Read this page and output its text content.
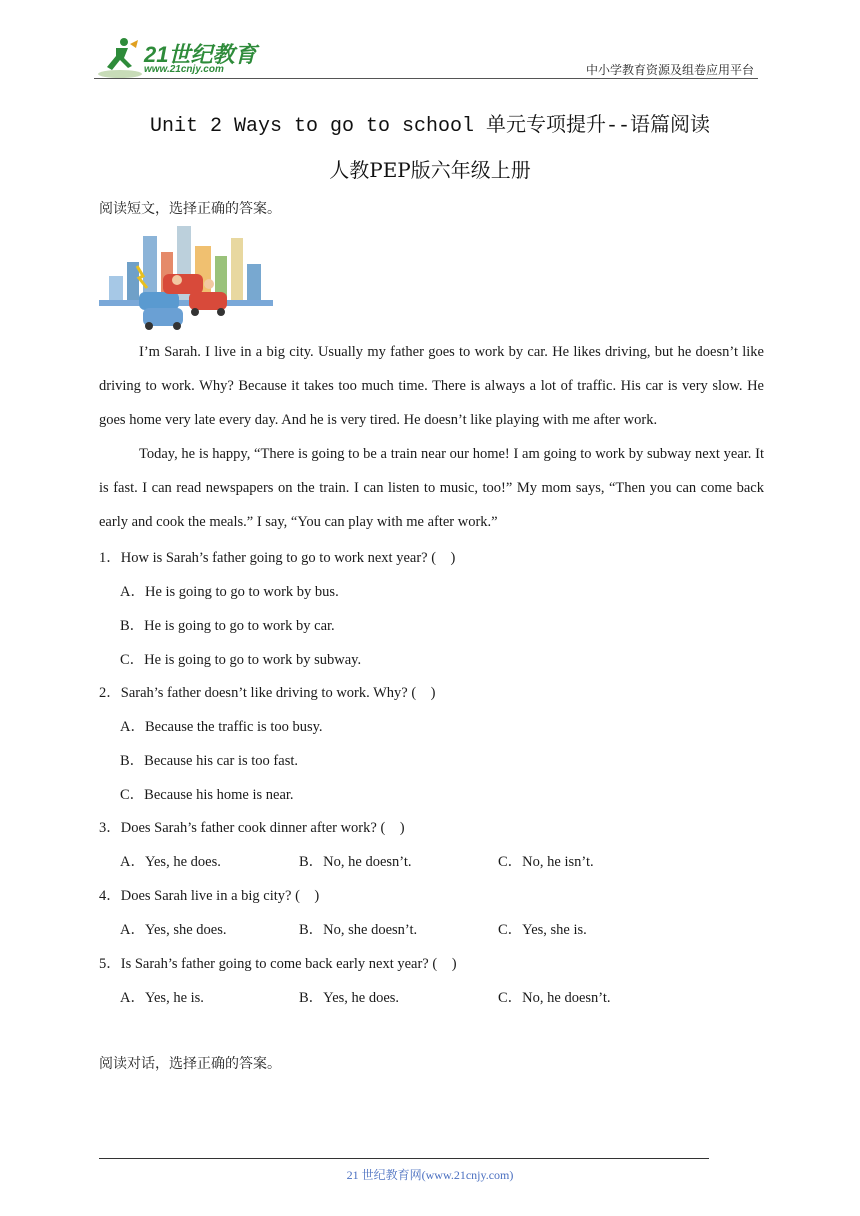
21世纪教育
www.21cnjy.com	中小学教育资源及组卷应用平台
Unit 2 Ways to go to school 单元专项提升--语篇阅读
人教PEP版六年级上册
阅读短文，选择正确的答案。
I’m Sarah. I live in a big city. Usually my father goes to work by car. He likes driving, but he doesn’t like driving to work. Why? Because it takes too much time. There is always a lot of traffic. His car is very slow. He goes home very late every day. And he is very tired. He doesn’t like playing with me after work.
Today, he is happy, “There is going to be a train near our home! I am going to work by subway next year. It is fast. I can read newspapers on the train. I can listen to music, too!” My mom says, “Then you can come back early and cook the meals.” I say, “You can play with me after work.”
1．How is Sarah’s father going to go to work next year? (　)
A．He is going to go to work by bus.
B．He is going to go to work by car.
C．He is going to go to work by subway.
2．Sarah’s father doesn’t like driving to work. Why? (　)
A．Because the traffic is too busy.
B．Because his car is too fast.
C．Because his home is near.
3．Does Sarah’s father cook dinner after work? (　)
A．Yes, he does.	B．No, he doesn’t.	C．No, he isn’t.
4．Does Sarah live in a big city? (　)
A．Yes, she does.	B．No, she doesn’t.	C．Yes, she is.
5．Is Sarah’s father going to come back early next year? (　)
A．Yes, he is.	B．Yes, he does.	C．No, he doesn’t.
阅读对话，选择正确的答案。
21 世纪教育网(www.21cnjy.com)
